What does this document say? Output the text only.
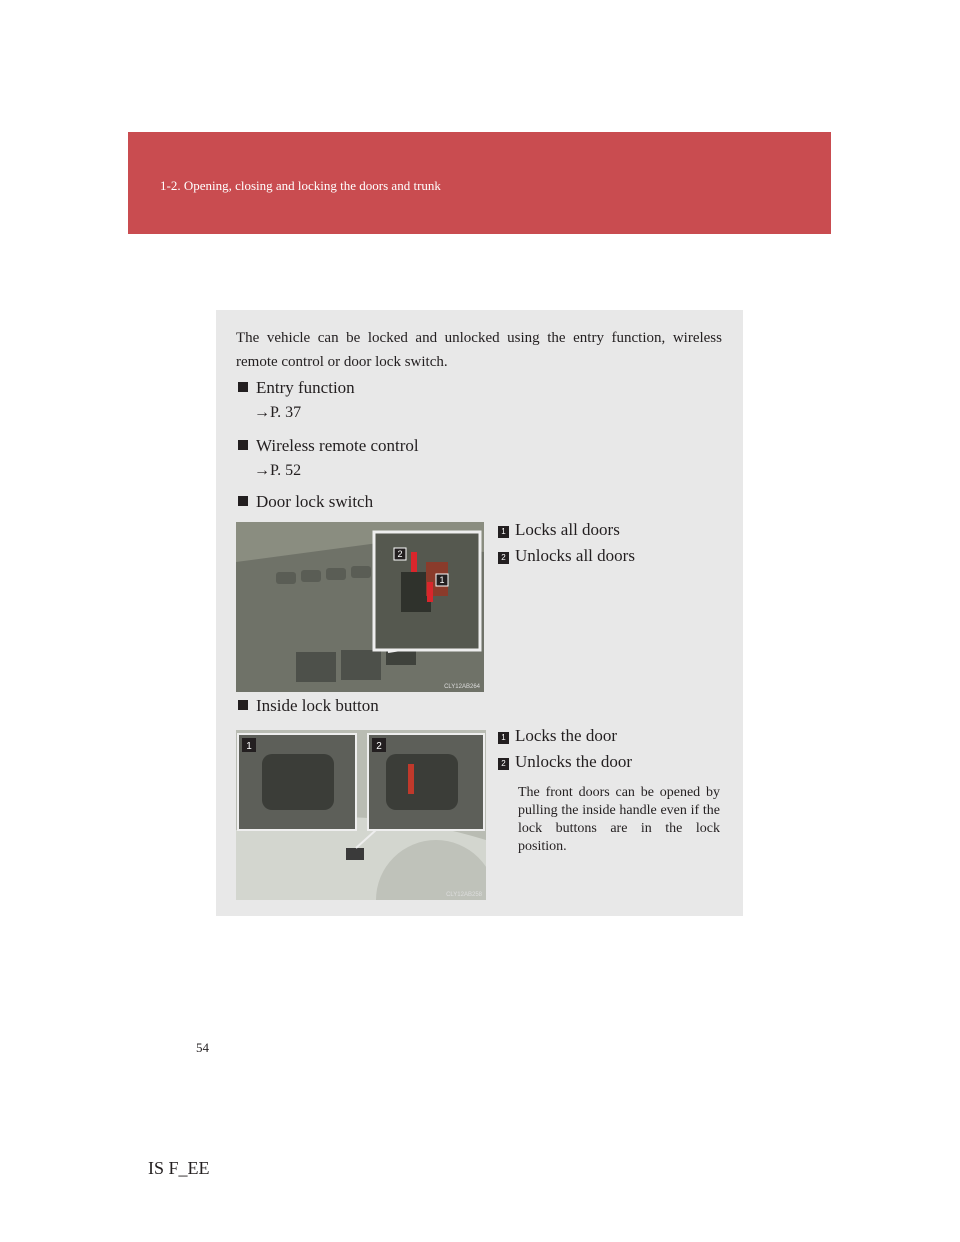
1-2. Opening, closing and locking the doors and trunk
The vehicle can be locked and unlocked using the entry function, wireless remote control or door lock switch.
Entry function
→P. 37
Wireless remote control
→P. 52
Door lock switch
2
1
CLY12AB264
1 Locks all doors
2 Unlocks all doors
Inside lock button
1	2
CLY12AB258
1 Locks the door
2 Unlocks the door
The front doors can be opened by pulling the inside handle even if the lock buttons are in the lock position.
54
IS F_EE
